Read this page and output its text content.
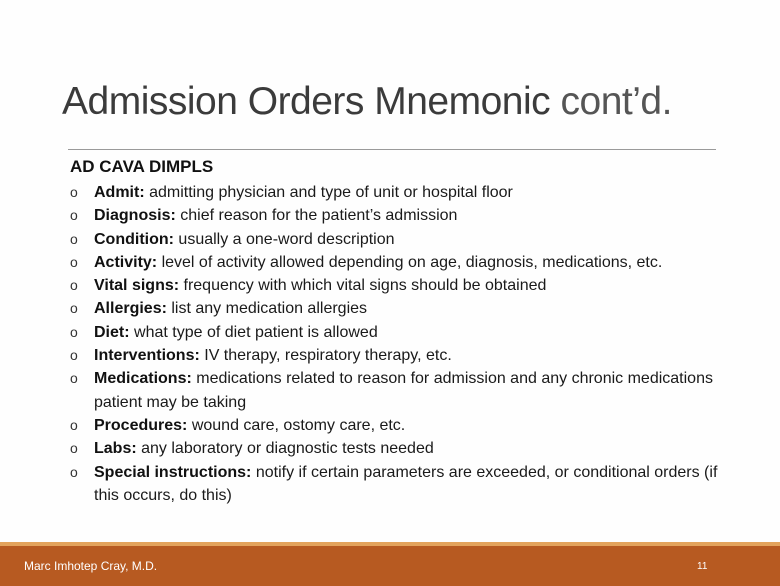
Admission Orders Mnemonic cont’d.
AD CAVA DIMPLS
o Admit: admitting physician and type of unit or hospital floor
o Diagnosis: chief reason for the patient’s admission
o Condition: usually a one-word description
o Activity: level of activity allowed depending on age, diagnosis, medications, etc.
o Vital signs: frequency with which vital signs should be obtained
o Allergies: list any medication allergies
o Diet: what type of diet patient is allowed
o Interventions: IV therapy, respiratory therapy, etc.
o Medications: medications related to reason for admission and any chronic medications patient may be taking
o Procedures: wound care, ostomy care, etc.
o Labs: any laboratory or diagnostic tests needed
o Special instructions: notify if certain parameters are exceeded, or conditional orders (if this occurs, do this)
Marc Imhotep Cray, M.D.	11
